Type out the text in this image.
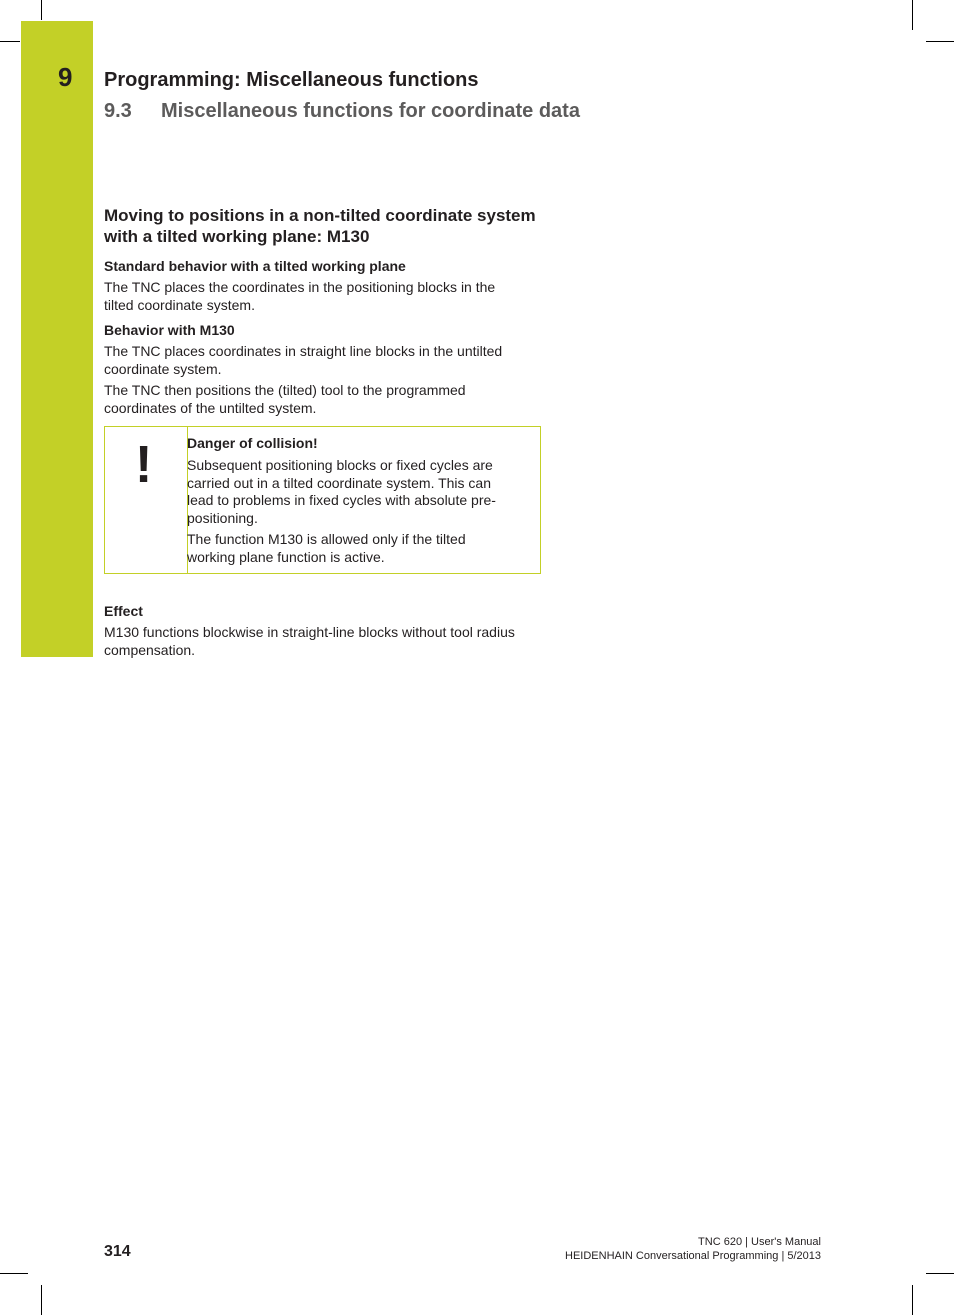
9 Programming: Miscellaneous functions
9.3 Miscellaneous functions for coordinate data
Moving to positions in a non-tilted coordinate system
with a tilted working plane: M130
Standard behavior with a tilted working plane
The TNC places the coordinates in the positioning blocks in the
tilted coordinate system.
Behavior with M130
The TNC places coordinates in straight line blocks in the untilted
coordinate system.
The TNC then positions the (tilted) tool to the programmed
coordinates of the untilted system.
! Danger of collision!
Subsequent positioning blocks or fixed cycles are
carried out in a tilted coordinate system. This can
lead to problems in fixed cycles with absolute pre-
positioning.
The function M130 is allowed only if the tilted
working plane function is active.
Effect
M130 functions blockwise in straight-line blocks without tool radius
compensation.
314
TNC 620 | User's Manual
HEIDENHAIN Conversational Programming | 5/2013
